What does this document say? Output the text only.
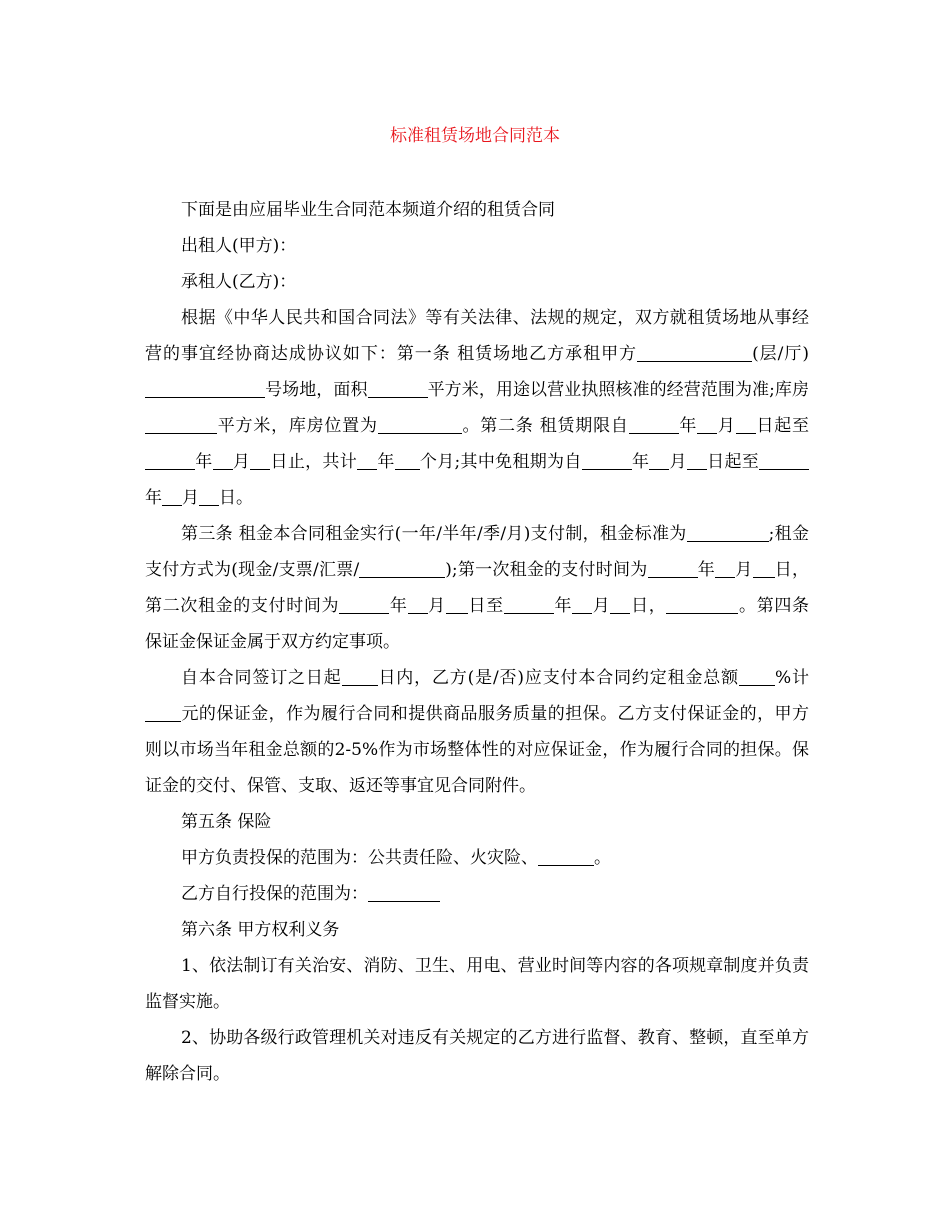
标准租赁场地合同范本

下面是由应届毕业生合同范本频道介绍的租赁合同

出租人(甲方)：

承租人(乙方)：

根据《中华人民共和国合同法》等有关法律、法规的规定，双方就租赁场地从事经营的事宜经协商达成协议如下：第一条 租赁场地乙方承租甲方	(层/厅)号场地，面积	平方米，用途以营业执照核准的经营范围为准;库房平方米，库房位置为	。第二条 租赁期限自	年 月 日起至年 月 日止，共计 年 个月;其中免租期为自	年 月 日起至年 月 日。

第三条 租金本合同租金实行(一年/半年/季/月)支付制，租金标准为	;租金支付方式为(现金/支票/汇票/	);第一次租金的支付时间为	年 月 日，第二次租金的支付时间为	年 月 日至	年 月 日，	。第四条 保证金保证金属于双方约定事项。

自本合同签订之日起 日内，乙方(是/否)应支付本合同约定租金总额 %计元的保证金，作为履行合同和提供商品服务质量的担保。乙方支付保证金的，甲方则以市场当年租金总额的2-5%作为市场整体性的对应保证金，作为履行合同的担保。保证金的交付、保管、支取、返还等事宜见合同附件。

第五条 保险

甲方负责投保的范围为：公共责任险、火灾险、	。

乙方自行投保的范围为：

第六条 甲方权利义务

1、依法制订有关治安、消防、卫生、用电、营业时间等内容的各项规章制度并负责监督实施。

2、协助各级行政管理机关对违反有关规定的乙方进行监督、教育、整顿，直至单方解除合同。
